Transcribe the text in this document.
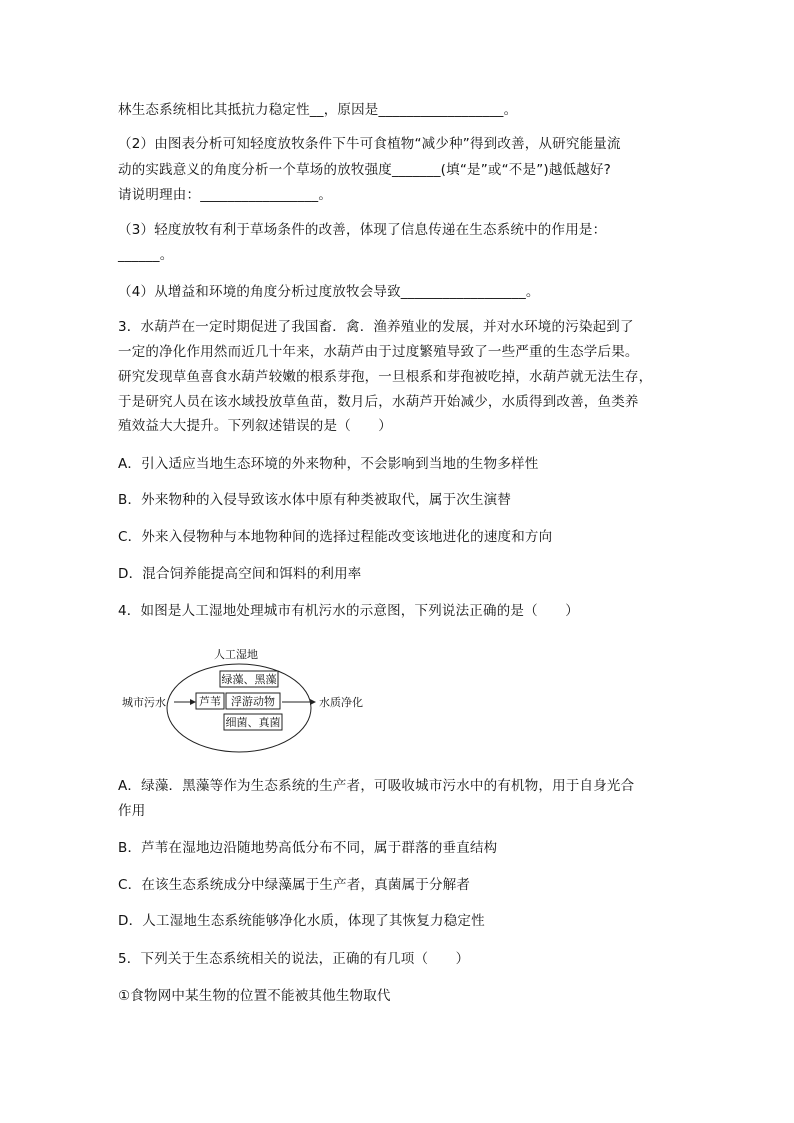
林生态系统相比其抵抗力稳定性__，原因是__________________。
（2）由图表分析可知轻度放牧条件下牛可食植物“减少种”得到改善，从研究能量流
动的实践意义的角度分析一个草场的放牧强度_______(填“是”或“不是”)越低越好?
请说明理由：_________________。
（3）轻度放牧有利于草场条件的改善，体现了信息传递在生态系统中的作用是：
______。
（4）从增益和环境的角度分析过度放牧会导致__________________。
3．水葫芦在一定时期促进了我国畜．禽．渔养殖业的发展，并对水环境的污染起到了
一定的净化作用然而近几十年来，水葫芦由于过度繁殖导致了一些严重的生态学后果。
研究发现草鱼喜食水葫芦较嫩的根系芽孢，一旦根系和芽孢被吃掉，水葫芦就无法生存，
于是研究人员在该水域投放草鱼苗，数月后，水葫芦开始减少，水质得到改善，鱼类养
殖效益大大提升。下列叙述错误的是（　　）
A．引入适应当地生态环境的外来物种，不会影响到当地的生物多样性
B．外来物种的入侵导致该水体中原有种类被取代，属于次生演替
C．外来入侵物种与本地物种间的选择过程能改变该地进化的速度和方向
D．混合饲养能提高空间和饵料的利用率
4．如图是人工湿地处理城市有机污水的示意图，下列说法正确的是（　　）
人工湿地
绿藻、黑藻
浮游动物
细菌、真菌
芦苇
城市污水	水质净化
A．绿藻．黑藻等作为生态系统的生产者，可吸收城市污水中的有机物，用于自身光合
作用
B．芦苇在湿地边沿随地势高低分布不同，属于群落的垂直结构
C．在该生态系统成分中绿藻属于生产者，真菌属于分解者
D．人工湿地生态系统能够净化水质，体现了其恢复力稳定性
5．下列关于生态系统相关的说法，正确的有几项（　　）
①食物网中某生物的位置不能被其他生物取代
